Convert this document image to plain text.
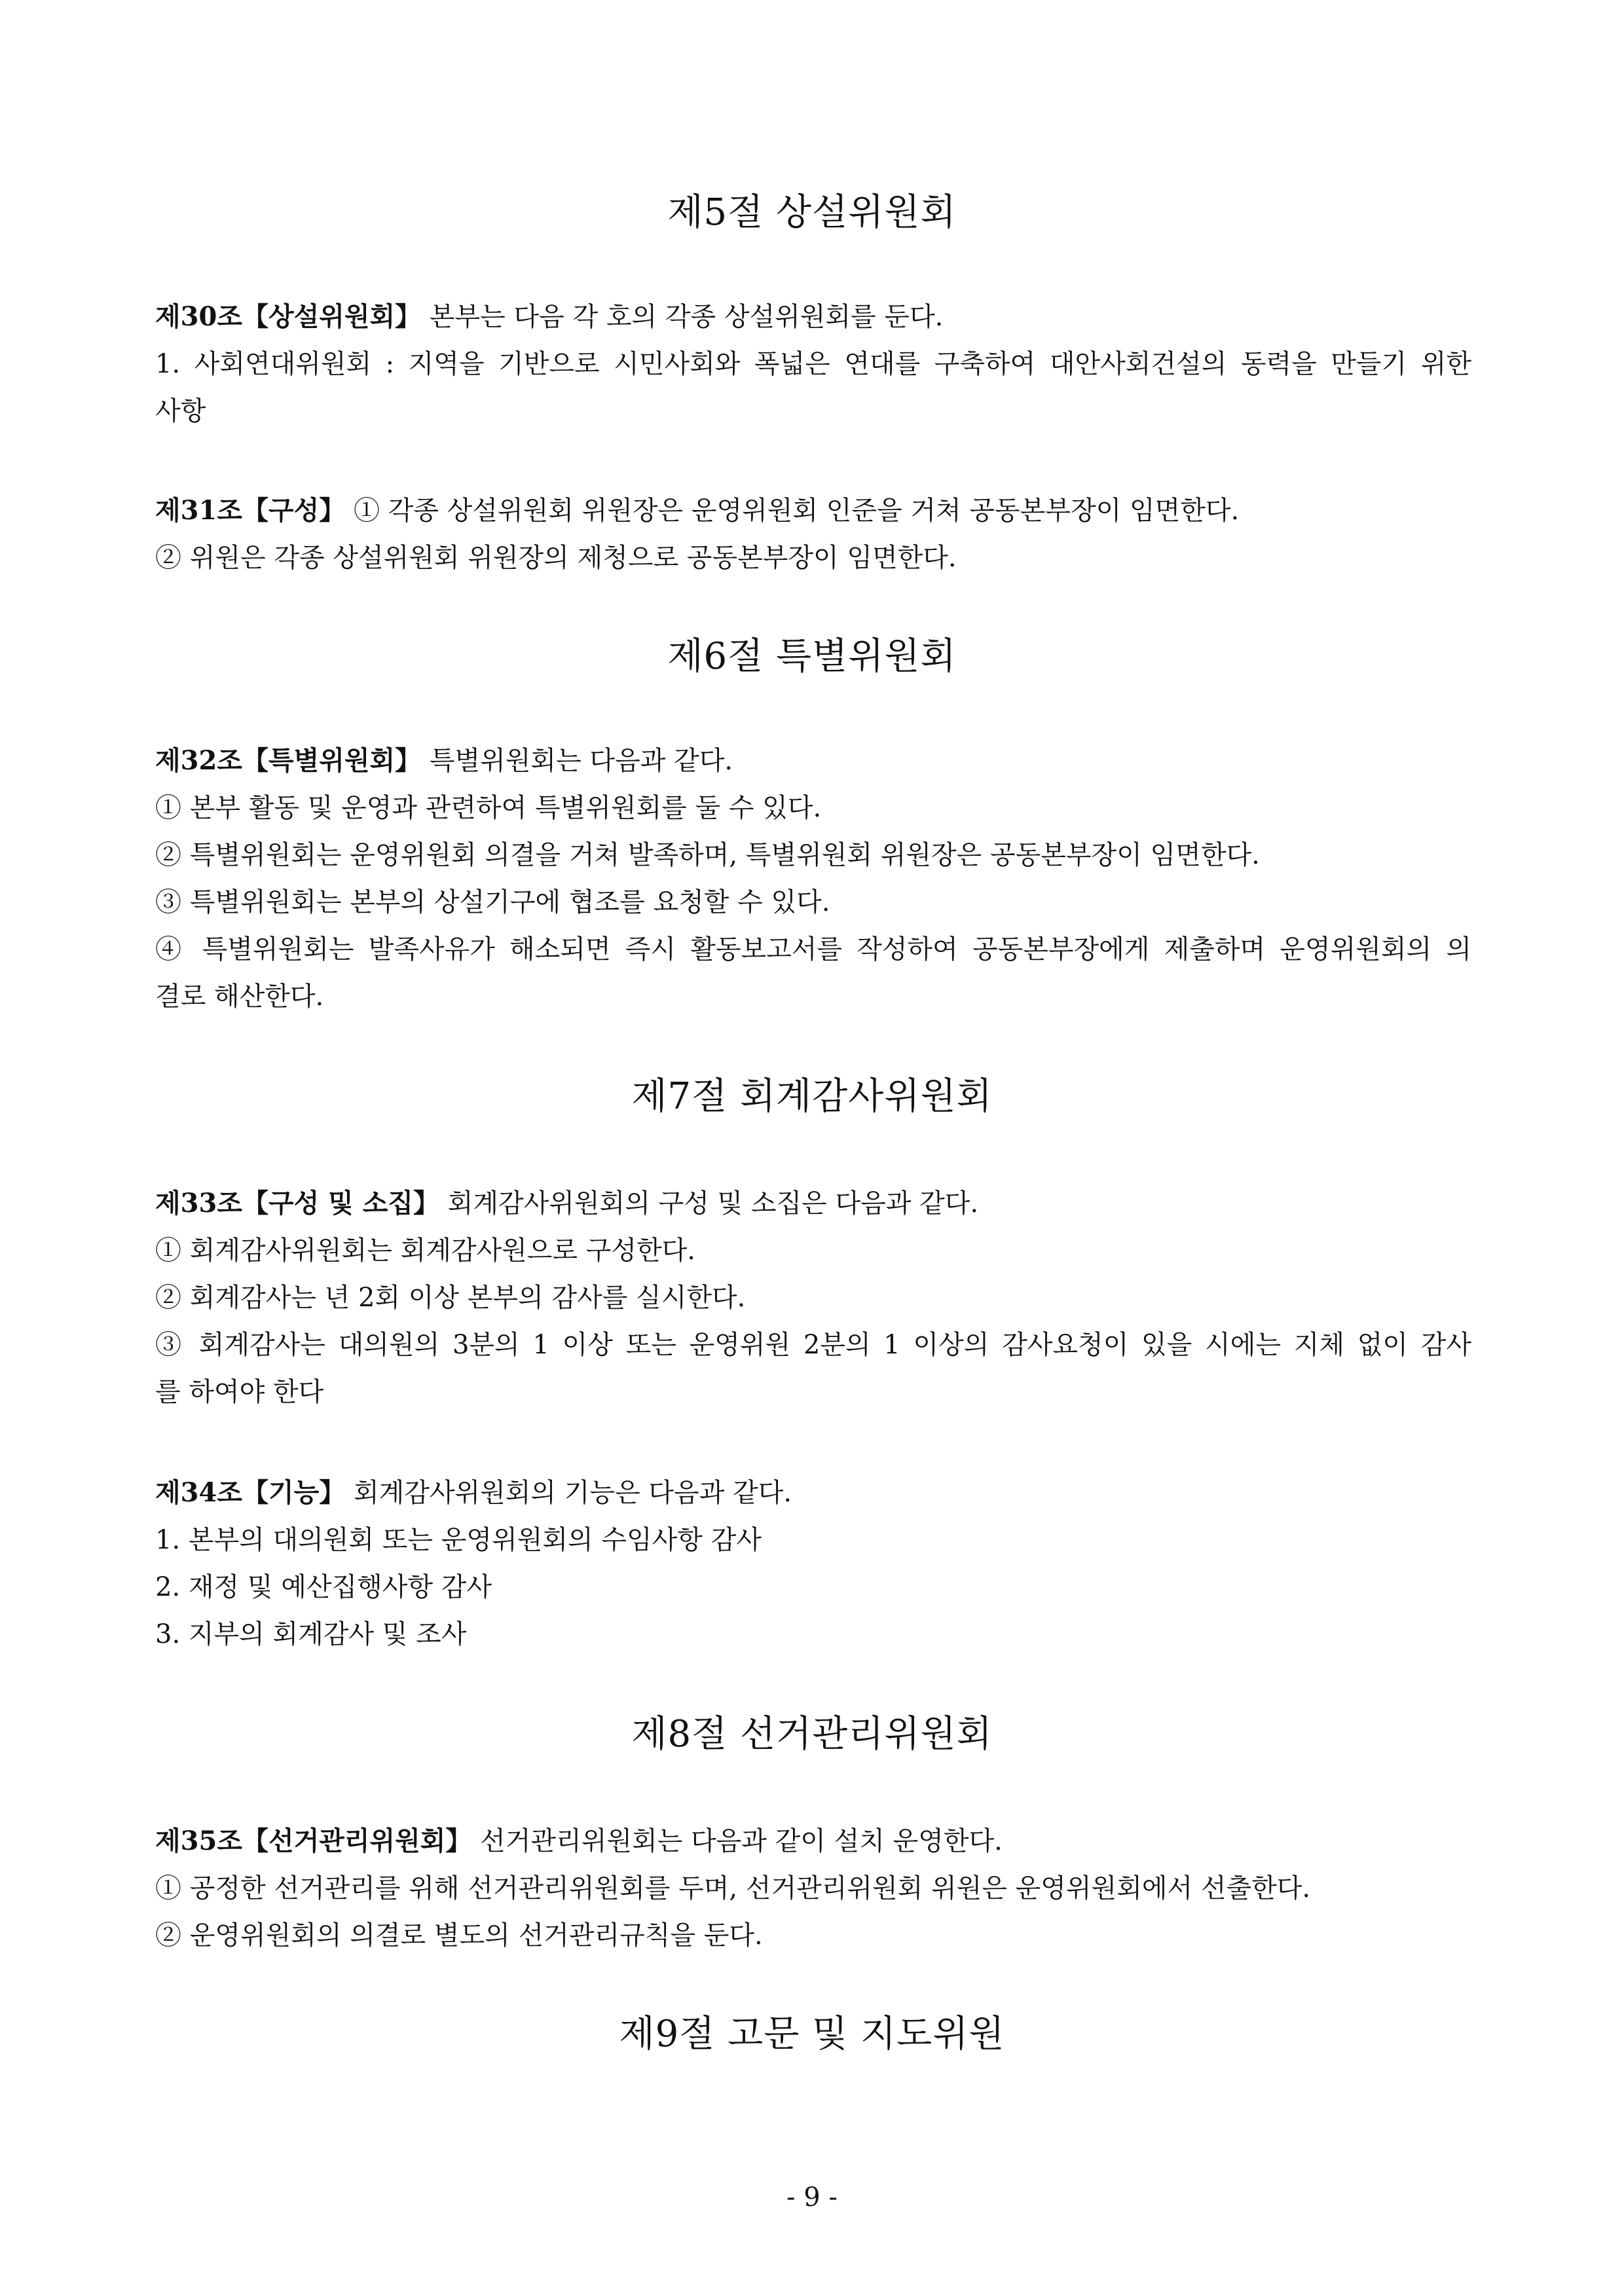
제5절 상설위원회
제30조【상설위원회】 본부는 다음 각 호의 각종 상설위원회를 둔다.
1. 사회연대위원회 : 지역을 기반으로 시민사회와 폭넓은 연대를 구축하여 대안사회건설의 동력을 만들기 위한
사항
제31조【구성】 ① 각종 상설위원회 위원장은 운영위원회 인준을 거쳐 공동본부장이 임면한다.
② 위원은 각종 상설위원회 위원장의 제청으로 공동본부장이 임면한다.
제6절 특별위원회
제32조【특별위원회】 특별위원회는 다음과 같다.
① 본부 활동 및 운영과 관련하여 특별위원회를 둘 수 있다.
② 특별위원회는 운영위원회 의결을 거쳐 발족하며, 특별위원회 위원장은 공동본부장이 임면한다.
③ 특별위원회는 본부의 상설기구에 협조를 요청할 수 있다.
④ 특별위원회는 발족사유가 해소되면 즉시 활동보고서를 작성하여 공동본부장에게 제출하며 운영위원회의 의
결로 해산한다.
제7절 회계감사위원회
제33조【구성 및 소집】 회계감사위원회의 구성 및 소집은 다음과 같다.
① 회계감사위원회는 회계감사원으로 구성한다.
② 회계감사는 년 2회 이상 본부의 감사를 실시한다.
③ 회계감사는 대의원의 3분의 1 이상 또는 운영위원 2분의 1 이상의 감사요청이 있을 시에는 지체 없이 감사
를 하여야 한다
제34조【기능】 회계감사위원회의 기능은 다음과 같다.
1. 본부의 대의원회 또는 운영위원회의 수임사항 감사
2. 재정 및 예산집행사항 감사
3. 지부의 회계감사 및 조사
제8절 선거관리위원회
제35조【선거관리위원회】 선거관리위원회는 다음과 같이 설치 운영한다.
① 공정한 선거관리를 위해 선거관리위원회를 두며, 선거관리위원회 위원은 운영위원회에서 선출한다.
② 운영위원회의 의결로 별도의 선거관리규칙을 둔다.
제9절 고문 및 지도위원
- 9 -
